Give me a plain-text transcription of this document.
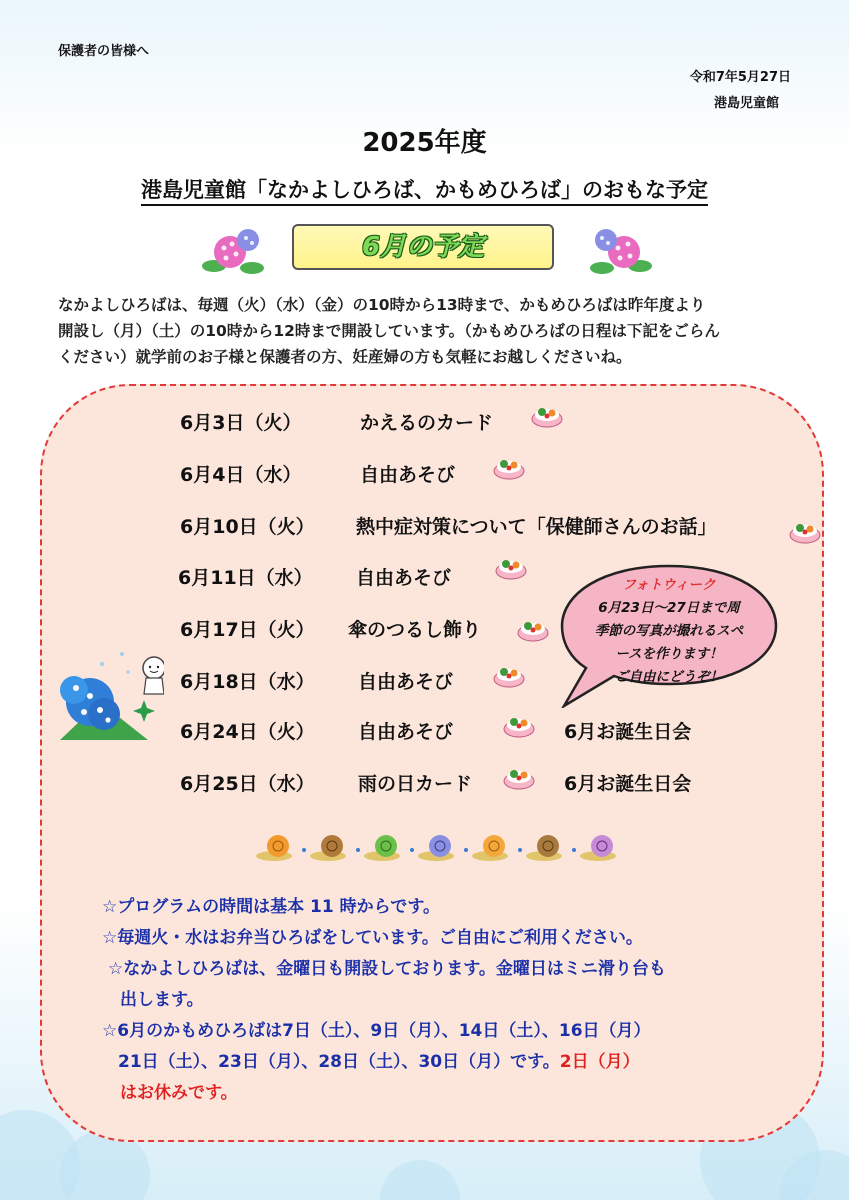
保護者の皆様へ
令和7年5月27日
港島児童館
2025年度
港島児童館「なかよしひろば、かもめひろば」のおもな予定
6月の予定
なかよしひろばは、毎週（火）（水）（金）の10時から13時まで、かもめひろばは昨年度より
開設し（月）（土）の10時から12時まで開設しています。（かもめひろばの日程は下記をごらん
ください）就学前のお子様と保護者の方、妊産婦の方も気軽にお越しくださいね。
6月3日（火）	かえるのカード
6月4日（水）	自由あそび
6月10日（火） 熱中症対策について「保健師さんのお話」
6月11日（水） 自由あそび
6月17日（火） 傘のつるし飾り
6月18日（水） 自由あそび
6月24日（火） 自由あそび	6月お誕生日会
6月25日（水） 雨の日カード	6月お誕生日会
フォトウィーク
6月23日～27日まで周
季節の写真が撮れるスペ
ースを作ります！
ご自由にどうぞ！

☆プログラムの時間は基本 11 時からです。

☆毎週火・水はお弁当ひろばをしています。ご自由にご利用ください。

☆なかよしひろばは、金曜日も開設しております。金曜日はミニ滑り台も

出します。

☆6月のかもめひろばは7日（土）、9日（月）、14日（土）、16日（月）

21日（土）、23日（月）、28日（土）、30日（月）です。2日（月）

はお休みです。
